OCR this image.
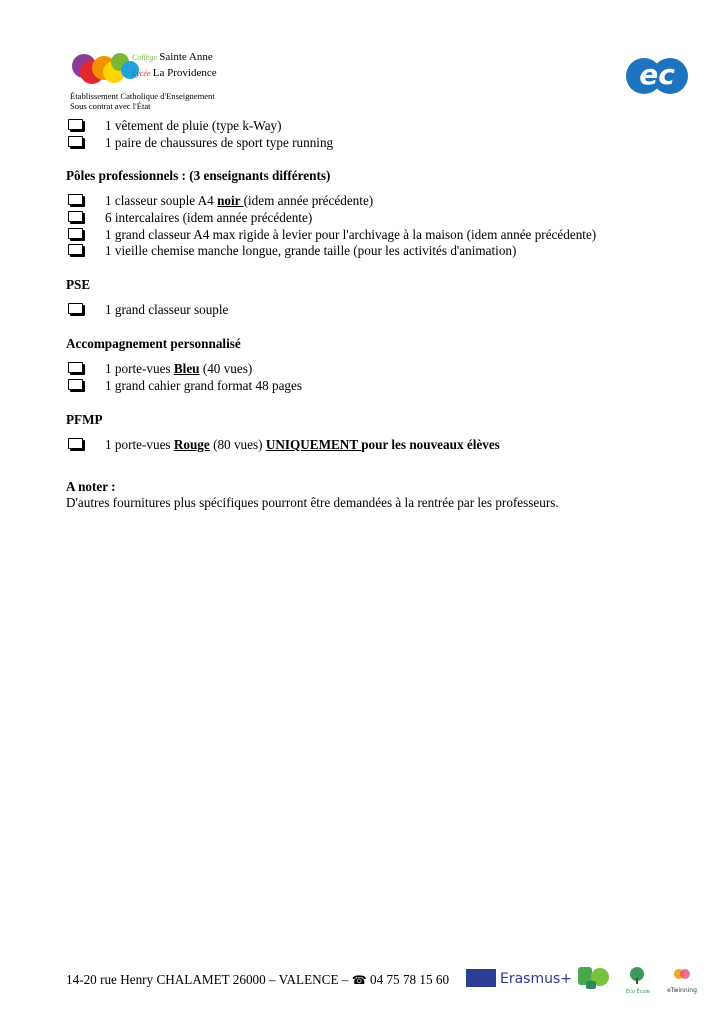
Collège Sainte Anne
Lycée La Providence
Établissement Catholique d'Enseignement
Sous contrat avec l'État
ec
1 vêtement de pluie (type k-Way)
1 paire de chaussures de sport type running
Pôles professionnels : (3 enseignants différents)
1 classeur souple A4 noir (idem année précédente)
6 intercalaires (idem année précédente)
1 grand classeur A4 max rigide à levier pour l'archivage à la maison (idem année précédente)
1 vieille chemise manche longue, grande taille (pour les activités d'animation)
PSE
1 grand classeur souple
Accompagnement personnalisé
1 porte-vues Bleu (40 vues)
1 grand cahier grand format 48 pages
PFMP
1 porte-vues Rouge (80 vues) UNIQUEMENT pour les nouveaux élèves
A noter :
D'autres fournitures plus spécifiques pourront être demandées à la rentrée par les professeurs.
14-20 rue Henry CHALAMET 26000 – VALENCE – ☎ 04 75 78 15 60	Erasmus+
Eco École	eTwinning
